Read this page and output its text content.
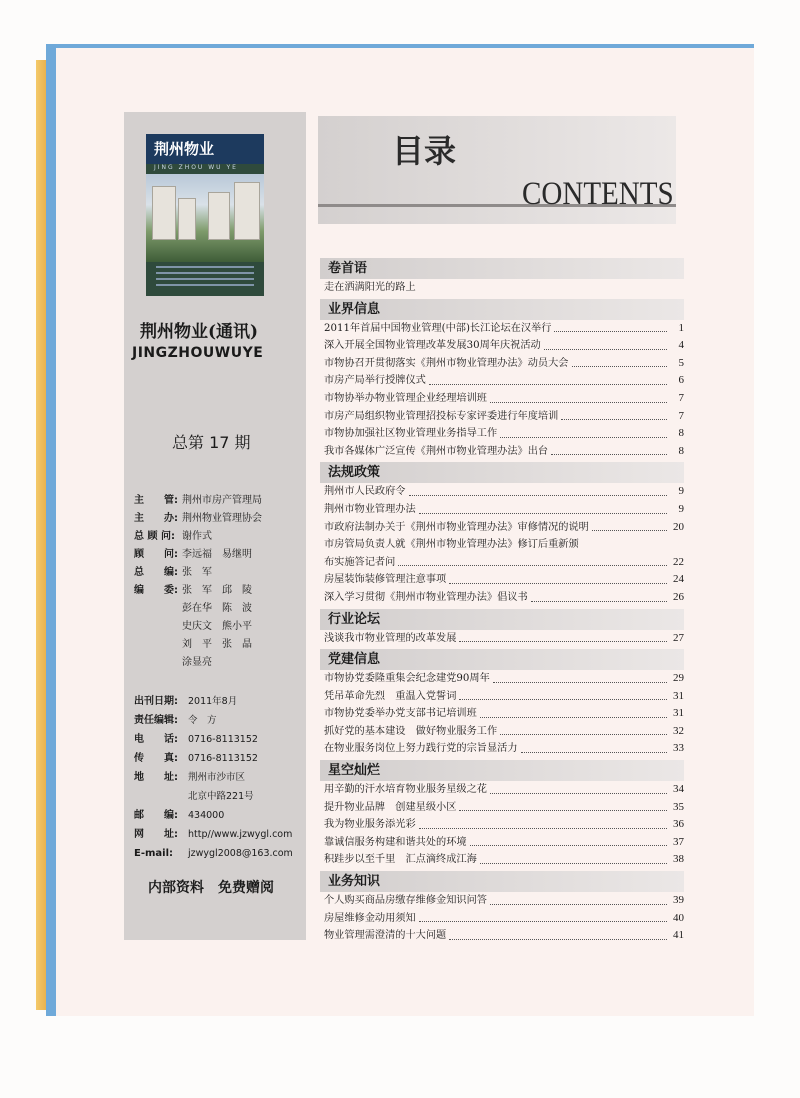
荆州物业
JING ZHOU WU YE
荆州物业(通讯)
JINGZHOUWUYE
总第 17 期
主　　管: 荆州市房产管理局
主　　办: 荆州物业管理协会
总 顾 问: 谢作式
顾　　问: 李远福　易继明
总　　编: 张　军
编　　委: 张　军　邱　陵
彭在华　陈　波
史庆文　熊小平
刘　平　张　晶
涂显亮
出刊日期:	2011年8月
责任编辑:	令　方
电　　话:	0716-8113152
传　　真:	0716-8113152
地　　址:	荆州市沙市区
北京中路221号
邮　　编:	434000
网　　址:	http//www.jzwygl.com
E-mail:	jzwygl2008@163.com
内部资料　免费赠阅
目录
CONTENTS
卷首语
走在洒满阳光的路上
业界信息
2011年首届中国物业管理(中部)长江论坛在汉举行	1
深入开展全国物业管理改革发展30周年庆祝活动	4
市物协召开贯彻落实《荆州市物业管理办法》动员大会	5
市房产局举行授牌仪式	6
市物协举办物业管理企业经理培训班	7
市房产局组织物业管理招投标专家评委进行年度培训	7
市物协加强社区物业管理业务指导工作	8
我市各媒体广泛宣传《荆州市物业管理办法》出台	8
法规政策
荆州市人民政府令	9
荆州市物业管理办法	9
市政府法制办关于《荆州市物业管理办法》审修情况的说明	20
市房管局负责人就《荆州市物业管理办法》修订后重新颁
布实施答记者问	22
房屋装饰装修管理注意事项	24
深入学习贯彻《荆州市物业管理办法》倡议书	26
行业论坛
浅谈我市物业管理的改革发展	27
党建信息
市物协党委隆重集会纪念建党90周年	29
凭吊革命先烈　重温入党誓词	31
市物协党委举办党支部书记培训班	31
抓好党的基本建设　做好物业服务工作	32
在物业服务岗位上努力践行党的宗旨显活力	33
星空灿烂
用辛勤的汗水培育物业服务星级之花	34
提升物业品牌　创建星级小区	35
我为物业服务添光彩	36
靠诚信服务构建和谐共处的环境	37
积跬步以至千里　汇点滴终成江海	38
业务知识
个人购买商品房缴存维修金知识问答	39
房屋维修金动用须知	40
物业管理需澄清的十大问题	41
